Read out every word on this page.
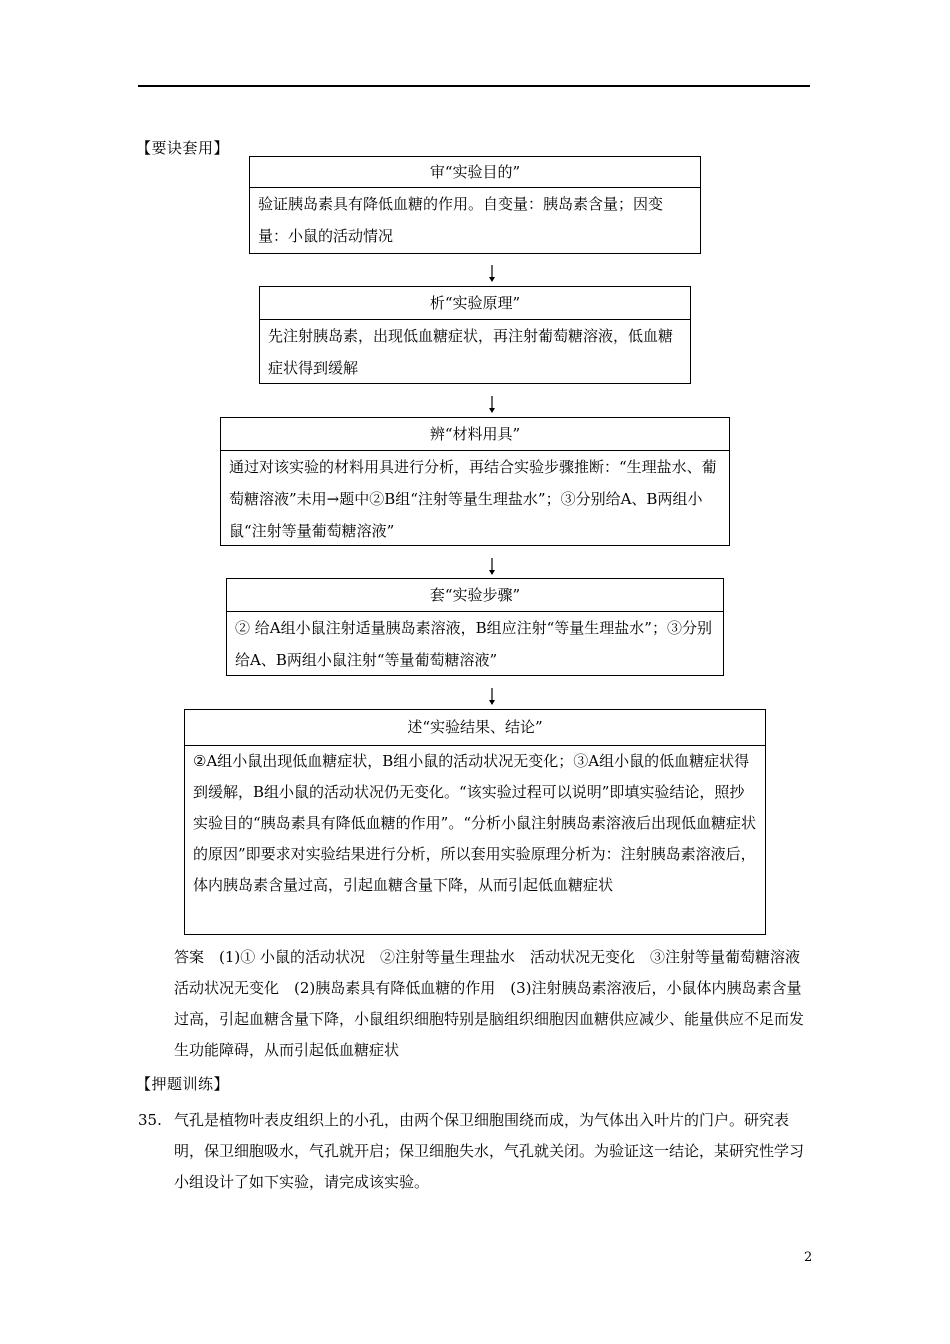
【要诀套用】
审“实验目的”
验证胰岛素具有降低血糖的作用。自变量：胰岛素含量；因变量：小鼠的活动情况
析“实验原理”
先注射胰岛素，出现低血糖症状，再注射葡萄糖溶液，低血糖症状得到缓解
辨“材料用具”
通过对该实验的材料用具进行分析，再结合实验步骤推断：“生理盐水、葡萄糖溶液”未用→题中②B组“注射等量生理盐水”；③分别给A、B两组小鼠“注射等量葡萄糖溶液”
套“实验步骤”
② 给A组小鼠注射适量胰岛素溶液，B组应注射“等量生理盐水”；③分别给A、B两组小鼠注射“等量葡萄糖溶液”
述“实验结果、结论”
②A组小鼠出现低血糖症状，B组小鼠的活动状况无变化；③A组小鼠的低血糖症状得到缓解，B组小鼠的活动状况仍无变化。“该实验过程可以说明”即填实验结论，照抄实验目的“胰岛素具有降低血糖的作用”。“分析小鼠注射胰岛素溶液后出现低血糖症状的原因”即要求对实验结果进行分析，所以套用实验原理分析为：注射胰岛素溶液后，体内胰岛素含量过高，引起血糖含量下降，从而引起低血糖症状
答案　(1)① 小鼠的活动状况　②注射等量生理盐水　活动状况无变化　③注射等量葡萄糖溶液　活动状况无变化　(2)胰岛素具有降低血糖的作用　(3)注射胰岛素溶液后，小鼠体内胰岛素含量过高，引起血糖含量下降，小鼠组织细胞特别是脑组织细胞因血糖供应减少、能量供应不足而发生功能障碍，从而引起低血糖症状
【押题训练】
35. 气孔是植物叶表皮组织上的小孔，由两个保卫细胞围绕而成，为气体出入叶片的门户。研究表明，保卫细胞吸水，气孔就开启；保卫细胞失水，气孔就关闭。为验证这一结论，某研究性学习小组设计了如下实验，请完成该实验。
2
